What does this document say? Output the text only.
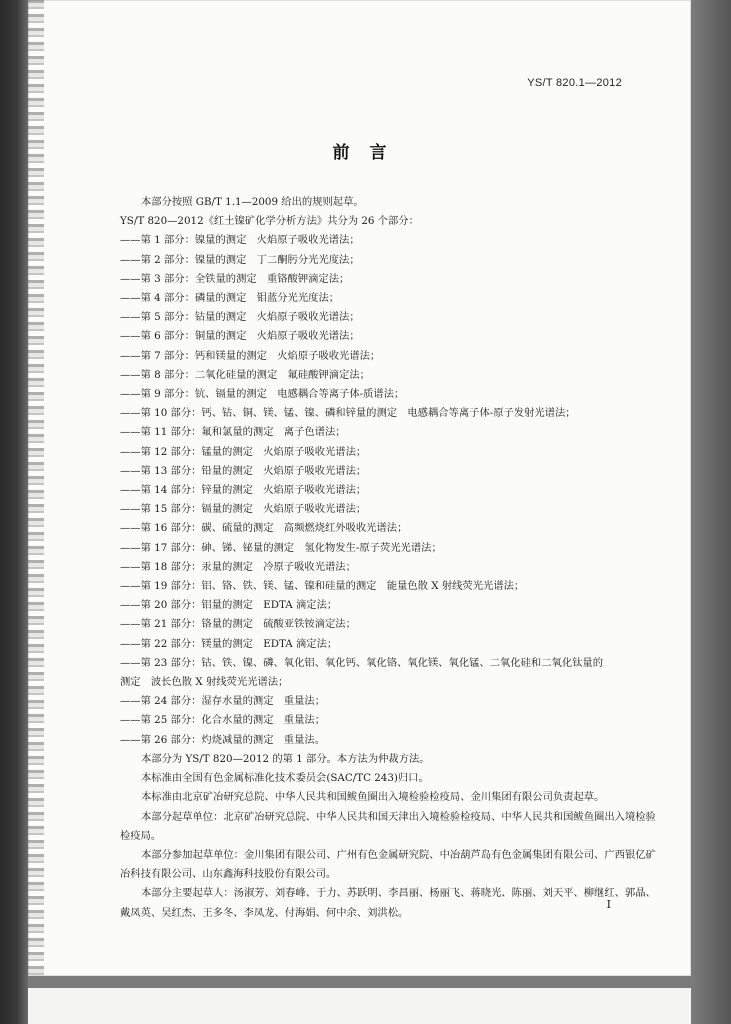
YS/T 820.1—2012
前言
本部分按照 GB/T 1.1—2009 给出的规则起草。
YS/T 820—2012《红土镍矿化学分析方法》共分为 26 个部分：
——第 1 部分：镍量的测定　火焰原子吸收光谱法；
——第 2 部分：镍量的测定　丁二酮肟分光光度法；
——第 3 部分：全铁量的测定　重铬酸钾滴定法；
——第 4 部分：磷量的测定　钼蓝分光光度法；
——第 5 部分：钴量的测定　火焰原子吸收光谱法；
——第 6 部分：铜量的测定　火焰原子吸收光谱法；
——第 7 部分：钙和镁量的测定　火焰原子吸收光谱法；
——第 8 部分：二氧化硅量的测定　氟硅酸钾滴定法；
——第 9 部分：钪、镉量的测定　电感耦合等离子体-质谱法；
——第 10 部分：钙、钴、铜、镁、锰、镍、磷和锌量的测定　电感耦合等离子体-原子发射光谱法；
——第 11 部分：氟和氯量的测定　离子色谱法；
——第 12 部分：锰量的测定　火焰原子吸收光谱法；
——第 13 部分：铅量的测定　火焰原子吸收光谱法；
——第 14 部分：锌量的测定　火焰原子吸收光谱法；
——第 15 部分：镉量的测定　火焰原子吸收光谱法；
——第 16 部分：碳、硫量的测定　高频燃烧红外吸收光谱法；
——第 17 部分：砷、锑、铋量的测定　氢化物发生-原子荧光光谱法；
——第 18 部分：汞量的测定　冷原子吸收光谱法；
——第 19 部分：铝、铬、铁、镁、锰、镍和硅量的测定　能量色散 X 射线荧光光谱法；
——第 20 部分：铝量的测定　EDTA 滴定法；
——第 21 部分：铬量的测定　硫酸亚铁铵滴定法；
——第 22 部分：镁量的测定　EDTA 滴定法；
——第 23 部分：钴、铁、镍、磷、氧化铝、氧化钙、氧化铬、氧化镁、氧化锰、二氧化硅和二氧化钛量的
测定　波长色散 X 射线荧光光谱法；
——第 24 部分：湿存水量的测定　重量法；
——第 25 部分：化合水量的测定　重量法；
——第 26 部分：灼烧减量的测定　重量法。
本部分为 YS/T 820—2012 的第 1 部分。本方法为仲裁方法。
本标准由全国有色金属标准化技术委员会(SAC/TC 243)归口。
本标准由北京矿冶研究总院、中华人民共和国鲅鱼圈出入境检验检疫局、金川集团有限公司负责起草。
本部分起草单位：北京矿冶研究总院、中华人民共和国天津出入境检验检疫局、中华人民共和国鲅鱼圈出入境检验检疫局。
本部分参加起草单位：金川集团有限公司、广州有色金属研究院、中冶葫芦岛有色金属集团有限公司、广西银亿矿冶科技有限公司、山东鑫海科技股份有限公司。
本部分主要起草人：汤淑芳、刘春峰、于力、苏跃明、李昌丽、杨丽飞、蒋晓光、陈丽、刘天平、柳继红、郭晶、戴凤英、吴红杰、王多冬、李凤龙、付海娟、何中余、刘洪松。
I
